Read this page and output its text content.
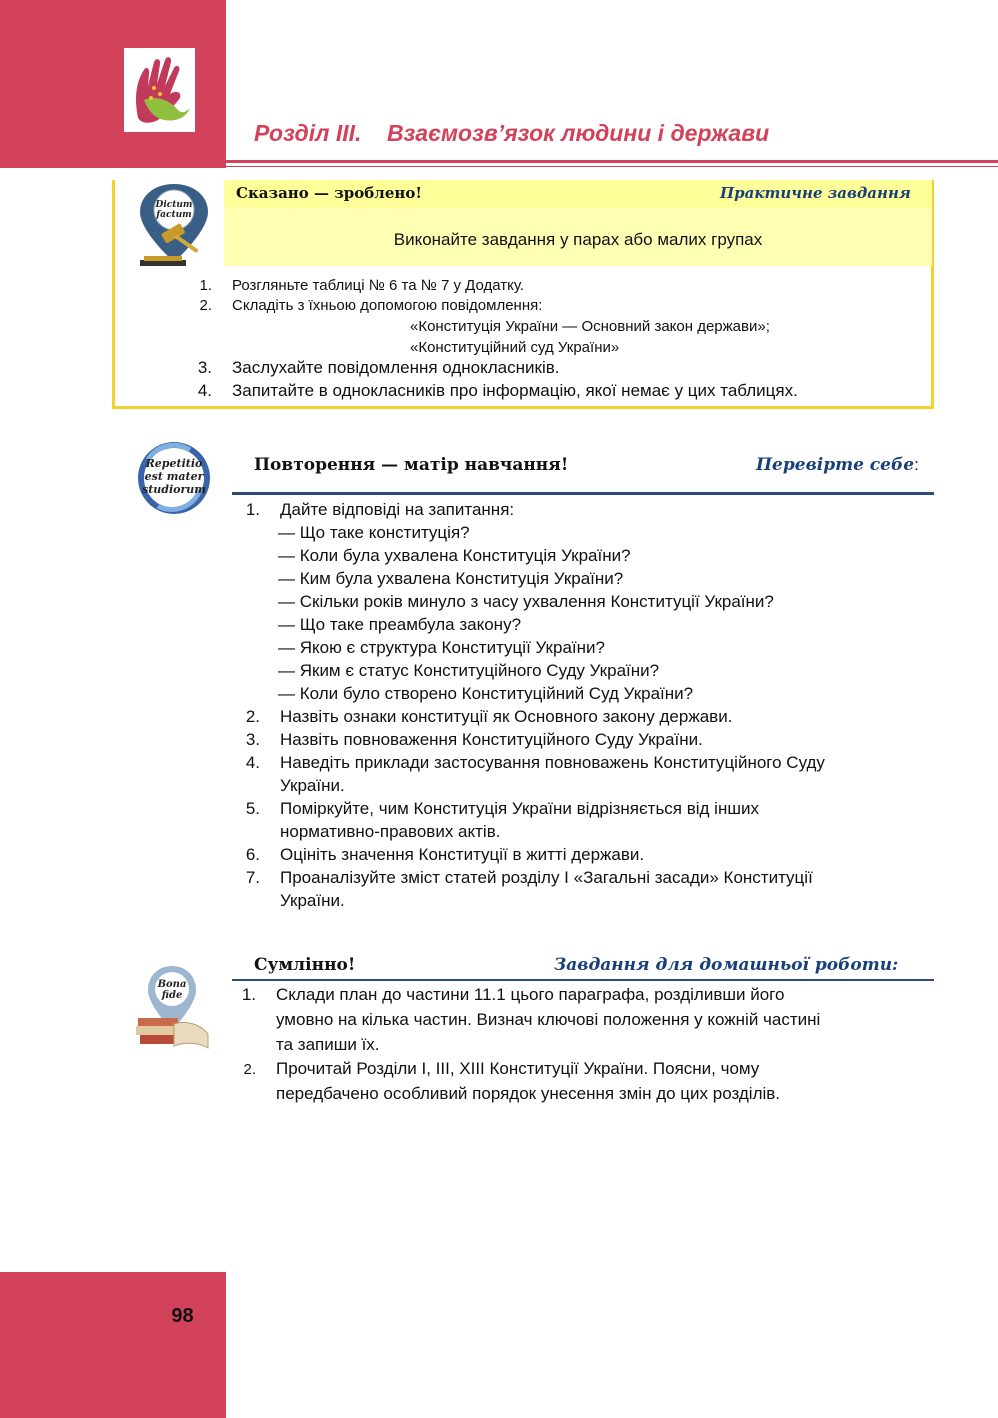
Розділ ІІІ.    Взаємозв’язок людини і держави
Dictum
factum
Сказано — зроблено!	Практичне завдання
Виконайте завдання у парах або малих групах
1. Розгляньте таблиці № 6 та № 7 у Додатку.
2. Складіть з їхньою допомогою повідомлення:
«Конституція України — Основний закон держави»;
«Конституційний суд України»
3. Заслухайте повідомлення однокласників.
4. Запитайте в однокласників про інформацію, якої немає у цих таблицях.
Repetitio
est mater
studiorum
Повторення — матір навчання!	Перевірте себе:
1. Дайте відповіді на запитання:
— Що таке конституція?
— Коли була ухвалена Конституція України?
— Ким була ухвалена Конституція України?
— Скільки років минуло з часу ухвалення Конституції України?
— Що таке преамбула закону?
— Якою є структура Конституції України?
— Яким є статус Конституційного Суду України?
— Коли було створено Конституційний Суд України?
2. Назвіть ознаки конституції як Основного закону держави.
3. Назвіть повноваження Конституційного Суду України.
4. Наведіть приклади застосування повноважень Конституційного Суду
України.
5. Поміркуйте, чим Конституція України відрізняється від інших
нормативно-правових актів.
6. Оцініть значення Конституції в житті держави.
7. Проаналізуйте зміст статей розділу І «Загальні засади» Конституції
України.
Bona
fide
Сумлінно!	Завдання для домашньої роботи:
1. Склади план до частини 11.1 цього параграфа, розділивши його
умовно на кілька частин. Визнач ключові положення у кожній частині
та запиши їх.
2. Прочитай Розділи І, ІІІ, ХІІІ Конституції України. Поясни, чому
передбачено особливий порядок унесення змін до цих розділів.
98
